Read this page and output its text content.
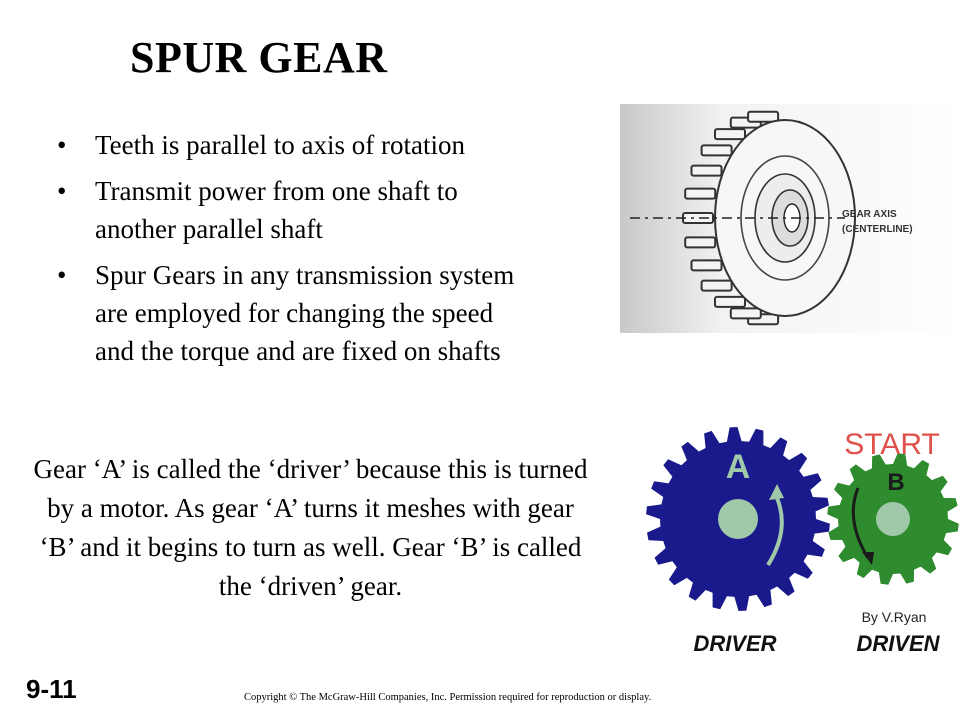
SPUR GEAR
• Teeth is parallel to axis of rotation
• Transmit power from one shaft to another parallel shaft
• Spur Gears in any transmission system are employed for changing the speed and the torque and are fixed on shafts
Gear ‘A’ is called the ‘driver’ because this is turned by a motor. As gear ‘A’ turns it meshes with gear ‘B’ and it begins to turn as well. Gear ‘B’ is called the ‘driven’ gear.
9-11	Copyright © The McGraw-Hill Companies, Inc. Permission required for reproduction or display.
GEAR AXIS
(CENTERLINE)
A	B
START
By V.Ryan
DRIVER	DRIVEN
